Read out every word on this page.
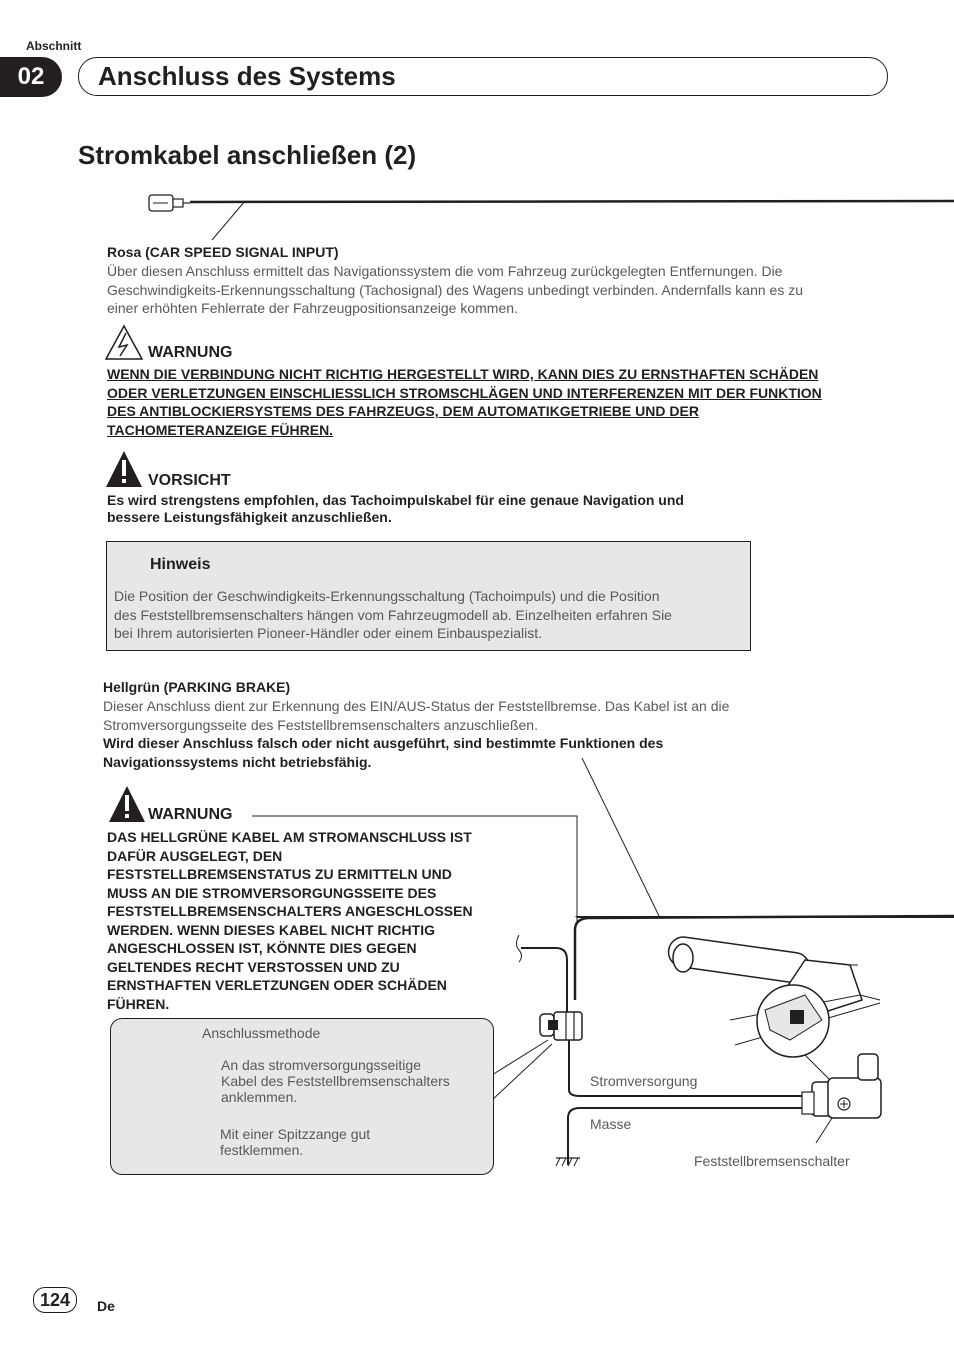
Abschnitt
02	Anschluss des Systems
Stromkabel anschließen (2)
Rosa (CAR SPEED SIGNAL INPUT)
Über diesen Anschluss ermittelt das Navigationssystem die vom Fahrzeug zurückgelegten Entfernungen. Die
Geschwindigkeits-Erkennungsschaltung (Tachosignal) des Wagens unbedingt verbinden. Andernfalls kann es zu
einer erhöhten Fehlerrate der Fahrzeugpositionsanzeige kommen.
WARNUNG
WENN DIE VERBINDUNG NICHT RICHTIG HERGESTELLT WIRD, KANN DIES ZU ERNSTHAFTEN SCHÄDEN
ODER VERLETZUNGEN EINSCHLIESSLICH STROMSCHLÄGEN UND INTERFERENZEN MIT DER FUNKTION
DES ANTIBLOCKIERSYSTEMS DES FAHRZEUGS, DEM AUTOMATIKGETRIEBE UND DER
TACHOMETERANZEIGE FÜHREN.
VORSICHT
Es wird strengstens empfohlen, das Tachoimpulskabel für eine genaue Navigation und
bessere Leistungsfähigkeit anzuschließen.
Hinweis
Die Position der Geschwindigkeits-Erkennungsschaltung (Tachoimpuls) und die Position
des Feststellbremsenschalters hängen vom Fahrzeugmodell ab. Einzelheiten erfahren Sie
bei Ihrem autorisierten Pioneer-Händler oder einem Einbauspezialist.
Hellgrün (PARKING BRAKE)
Dieser Anschluss dient zur Erkennung des EIN/AUS-Status der Feststellbremse. Das Kabel ist an die
Stromversorgungsseite des Feststellbremsenschalters anzuschließen.
Wird dieser Anschluss falsch oder nicht ausgeführt, sind bestimmte Funktionen des
Navigationssystems nicht betriebsfähig.
WARNUNG
DAS HELLGRÜNE KABEL AM STROMANSCHLUSS IST
DAFÜR AUSGELEGT, DEN
FESTSTELLBREMSENSTATUS ZU ERMITTELN UND
MUSS AN DIE STROMVERSORGUNGSSEITE DES
FESTSTELLBREMSENSCHALTERS ANGESCHLOSSEN
WERDEN. WENN DIESES KABEL NICHT RICHTIG
ANGESCHLOSSEN IST, KÖNNTE DIES GEGEN
GELTENDES RECHT VERSTOSSEN UND ZU
ERNSTHAFTEN VERLETZUNGEN ODER SCHÄDEN
FÜHREN.
Anschlussmethode
An das stromversorgungsseitige
Kabel des Feststellbremsenschalters
anklemmen.
Mit einer Spitzzange gut
festklemmen.
Stromversorgung
Masse
Feststellbremsenschalter
124	De
